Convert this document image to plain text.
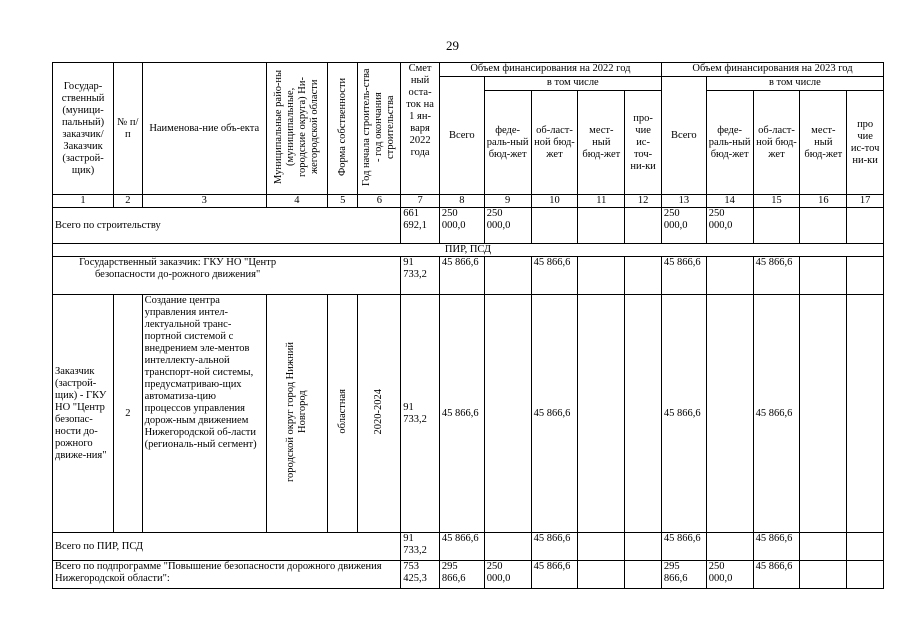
29
Государ-ственный (муници-пальный) заказчик/ Заказчик (застрой-щик)	№ п/п	Наименова-ние объ-екта	Муниципальные райо-ны (муниципальные, городские округа) Ни-жегородской области	Форма собственности	Год начала строитель-ства - год окончания строительства	Смет ный оста-ток на 1 ян-варя 2022 года	Объем финансирования на 2022 год					Объем финансирования на 2023 год				
							Всего	в том числе				Всего	в том числе			
								феде-раль-ный бюд-жет	об-ласт-ной бюд-жет	мест-ный бюд-жет	про-чие ис-точ-ни-ки		феде-раль-ный бюд-жет	об-ласт-ной бюд-жет	мест-ный бюд-жет	про чие ис-точ ни-ки
1	2	3	4	5	6	7	8	9	10	11	12	13	14	15	16	17
Всего по строительству						661 692,1	250 000,0	250 000,0				250 000,0	250 000,0			
ПИР, ПСД																
Государственный заказчик: ГКУ НО "Центр безопасности до-рожного движения"						91 733,2	45 866,6		45 866,6			45 866,6		45 866,6		
Заказчик (застрой-щик) - ГКУ НО "Центр безопас-ности до-рожного движе-ния"	2	Создание центра управления интел-лектуальной транс-портной системой с внедрением эле-ментов интеллекту-альной транспорт-ной системы, предусматриваю-щих автоматиза-цию процессов управления дорож-ным движением Нижегородской об-ласти (региональ-ный сегмент)	городской округ город Нижний Новгород	областная	2020-2024	91 733,2	45 866,6		45 866,6			45 866,6		45 866,6		
Всего по ПИР, ПСД						91 733,2	45 866,6		45 866,6			45 866,6		45 866,6		
Всего по подпрограмме "Повышение безопасности дорожного движения Нижегородской области":						753 425,3	295 866,6	250 000,0	45 866,6			295 866,6	250 000,0	45 866,6		
